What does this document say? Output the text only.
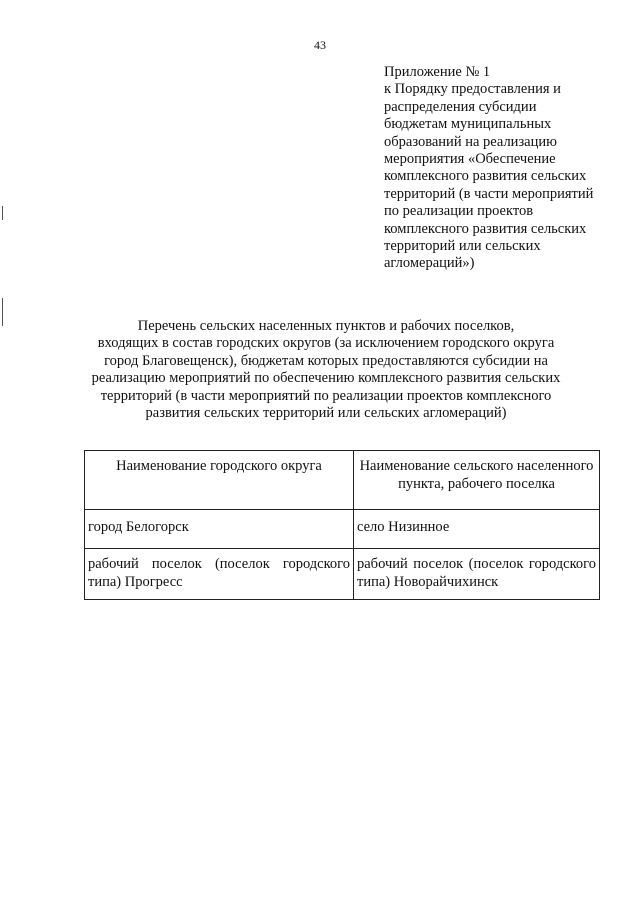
43
Приложение № 1
к Порядку предоставления и
распределения субсидии
бюджетам муниципальных
образований на реализацию
мероприятия «Обеспечение
комплексного развития сельских
территорий (в части мероприятий
по реализации проектов
комплексного развития сельских
территорий или сельских
агломераций»)
Перечень сельских населенных пунктов и рабочих поселков,
входящих в состав городских округов (за исключением городского округа
город Благовещенск), бюджетам которых предоставляются субсидии на
реализацию мероприятий по обеспечению комплексного развития сельских
территорий (в части мероприятий по реализации проектов комплексного
развития сельских территорий или сельских агломераций)
Наименование городского округа	Наименование сельского населенного пункта, рабочего поселка
город Белогорск	село Низинное
рабочий поселок (поселок городского типа) Прогресс	рабочий поселок (поселок городского типа) Новорайчихинск
